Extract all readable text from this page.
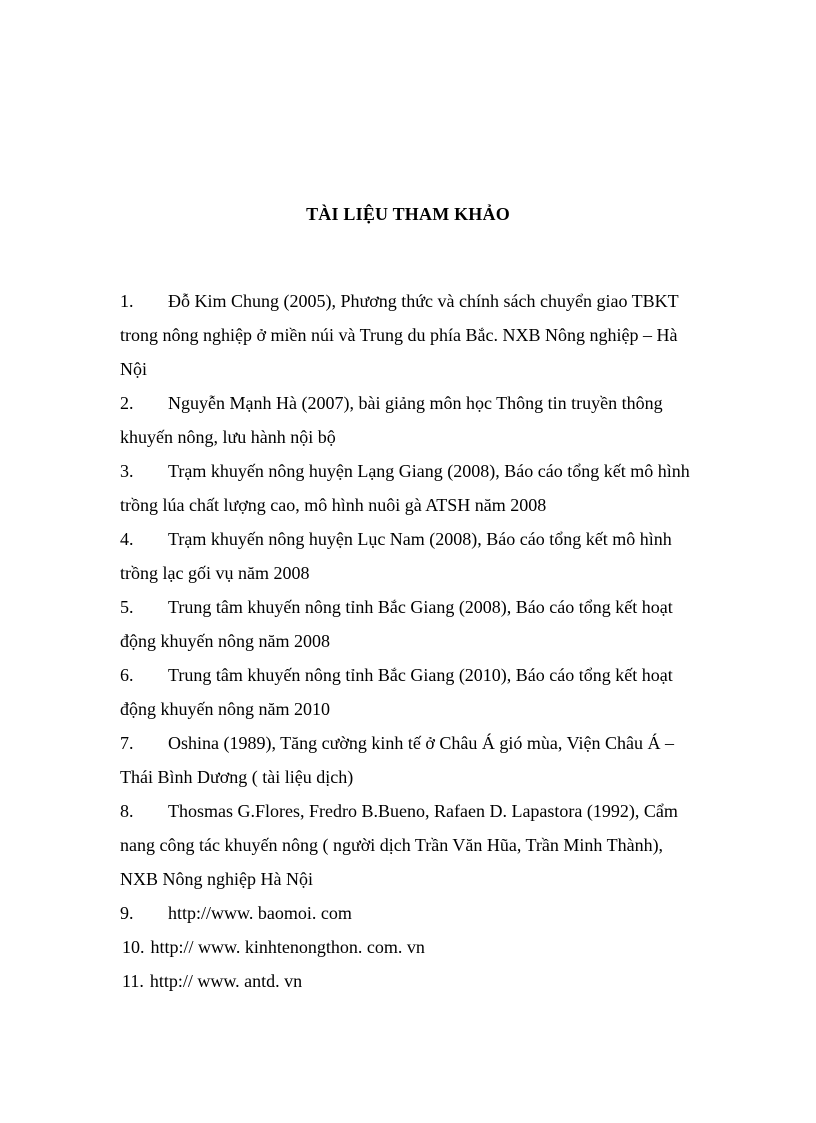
TÀI LIỆU THAM KHẢO

1. Đỗ Kim Chung (2005), Phương thức và chính sách chuyển giao TBKT trong nông nghiệp ở miền núi và Trung du phía Bắc. NXB Nông nghiệp – Hà Nội

2. Nguyễn Mạnh Hà (2007), bài giảng môn học Thông tin truyền thông khuyến nông, lưu hành nội bộ

3. Trạm khuyến nông huyện Lạng Giang (2008), Báo cáo tổng kết mô hình trồng lúa chất lượng cao, mô hình nuôi gà ATSH năm 2008

4. Trạm khuyến nông huyện Lục Nam (2008), Báo cáo tổng kết mô hình trồng lạc gối vụ năm 2008

5. Trung tâm khuyến nông tỉnh Bắc Giang (2008), Báo cáo tổng kết hoạt động khuyến nông năm 2008

6. Trung tâm khuyến nông tỉnh Bắc Giang (2010), Báo cáo tổng kết hoạt động khuyến nông năm 2010

7. Oshina (1989), Tăng cường kinh tế ở Châu Á gió mùa, Viện Châu Á – Thái Bình Dương ( tài liệu dịch)

8. Thosmas G.Flores, Fredro B.Bueno, Rafaen D. Lapastora (1992), Cẩm nang công tác khuyến nông ( người dịch Trần Văn Hũa, Trần Minh Thành), NXB Nông nghiệp Hà Nội

9. http://www. baomoi. com

10. http:// www. kinhtenongthon. com. vn

11. http:// www. antd. vn
